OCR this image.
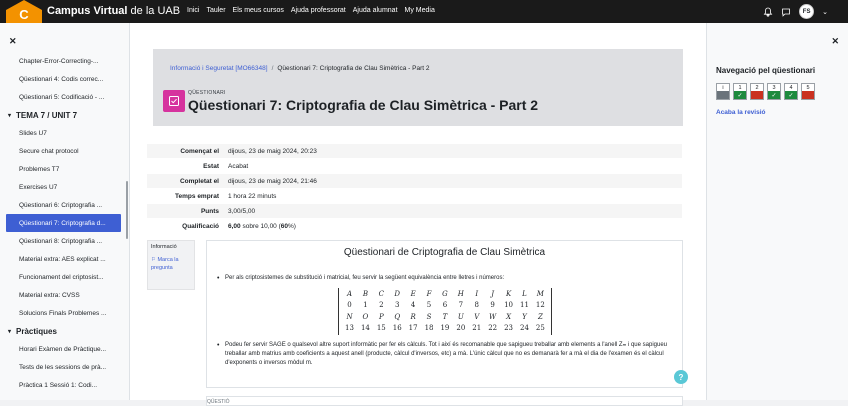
C Campus Virtual de la UAB Inici Tauler Els meus cursos Ajuda professorat Ajuda alumnat My Media	FS	⌄
✕
Chapter-Error-Correcting-...
Qüestionari 4: Codis correc...
Qüestionari 5: Codificació - ...
▾ TEMA 7 / UNIT 7
Slides U7
Secure chat protocol
Problemes T7
Exercises U7
Qüestionari 6: Criptografia ...
Qüestionari 7: Criptografia d...
Qüestionari 8: Criptografia ...
Material extra: AES explicat ...
Funcionament del criptosist...
Material extra: CVSS
Solucions Finals Problemes ...
▾ Pràctiques
Horari Exàmen de Pràctique...
Tests de les sessions de prà...
Pràctica 1 Sessió 1: Codi...
Informació i Seguretat [MO66348] / Qüestionari 7: Criptografia de Clau Simètrica - Part 2
QÜESTIONARI
Qüestionari 7: Criptografia de Clau Simètrica - Part 2
Començat el	dijous, 23 de maig 2024, 20:23
Estat	Acabat
Completat el	dijous, 23 de maig 2024, 21:46
Temps emprat	1 hora 22 minuts
Punts	3,00/5,00
Qualificació	6,00 sobre 10,00 (60%)
Informació
⚐ Marca la pregunta
Qüestionari de Criptografia de Clau Simètrica
• Per als criptosistemes de substitució i matricial, feu servir la següent equivalència entre lletres i números:
A	B	C	D	E	F	G	H	I	J	K	L	M
0	1	2	3	4	5	6	7	8	9	10 11 12
N	O	P	Q	R	S	T	U	V	W	X	Y	Z
13 14 15 16 17 18 19 20 21 22 23 24 25
• Podeu fer servir SAGE o qualsevol altre suport informàtic per fer els càlculs. Tot i així és recomanable que sapigueu treballar amb elements a l'anell Zₘ i que sapigueu treballar amb matrius amb coeficients a aquest anell (producte, càlcul d'inversos, etc) a mà. L'únic càlcul que no es demanarà fer a mà el dia de l'examen és el càlcul d'exponents o inversos mòdul m.
?
QÜESTIÓ
✕
Navegació pel qüestionari
i	1
✓
2	3
✓
4
✓
5
Acaba la revisió
